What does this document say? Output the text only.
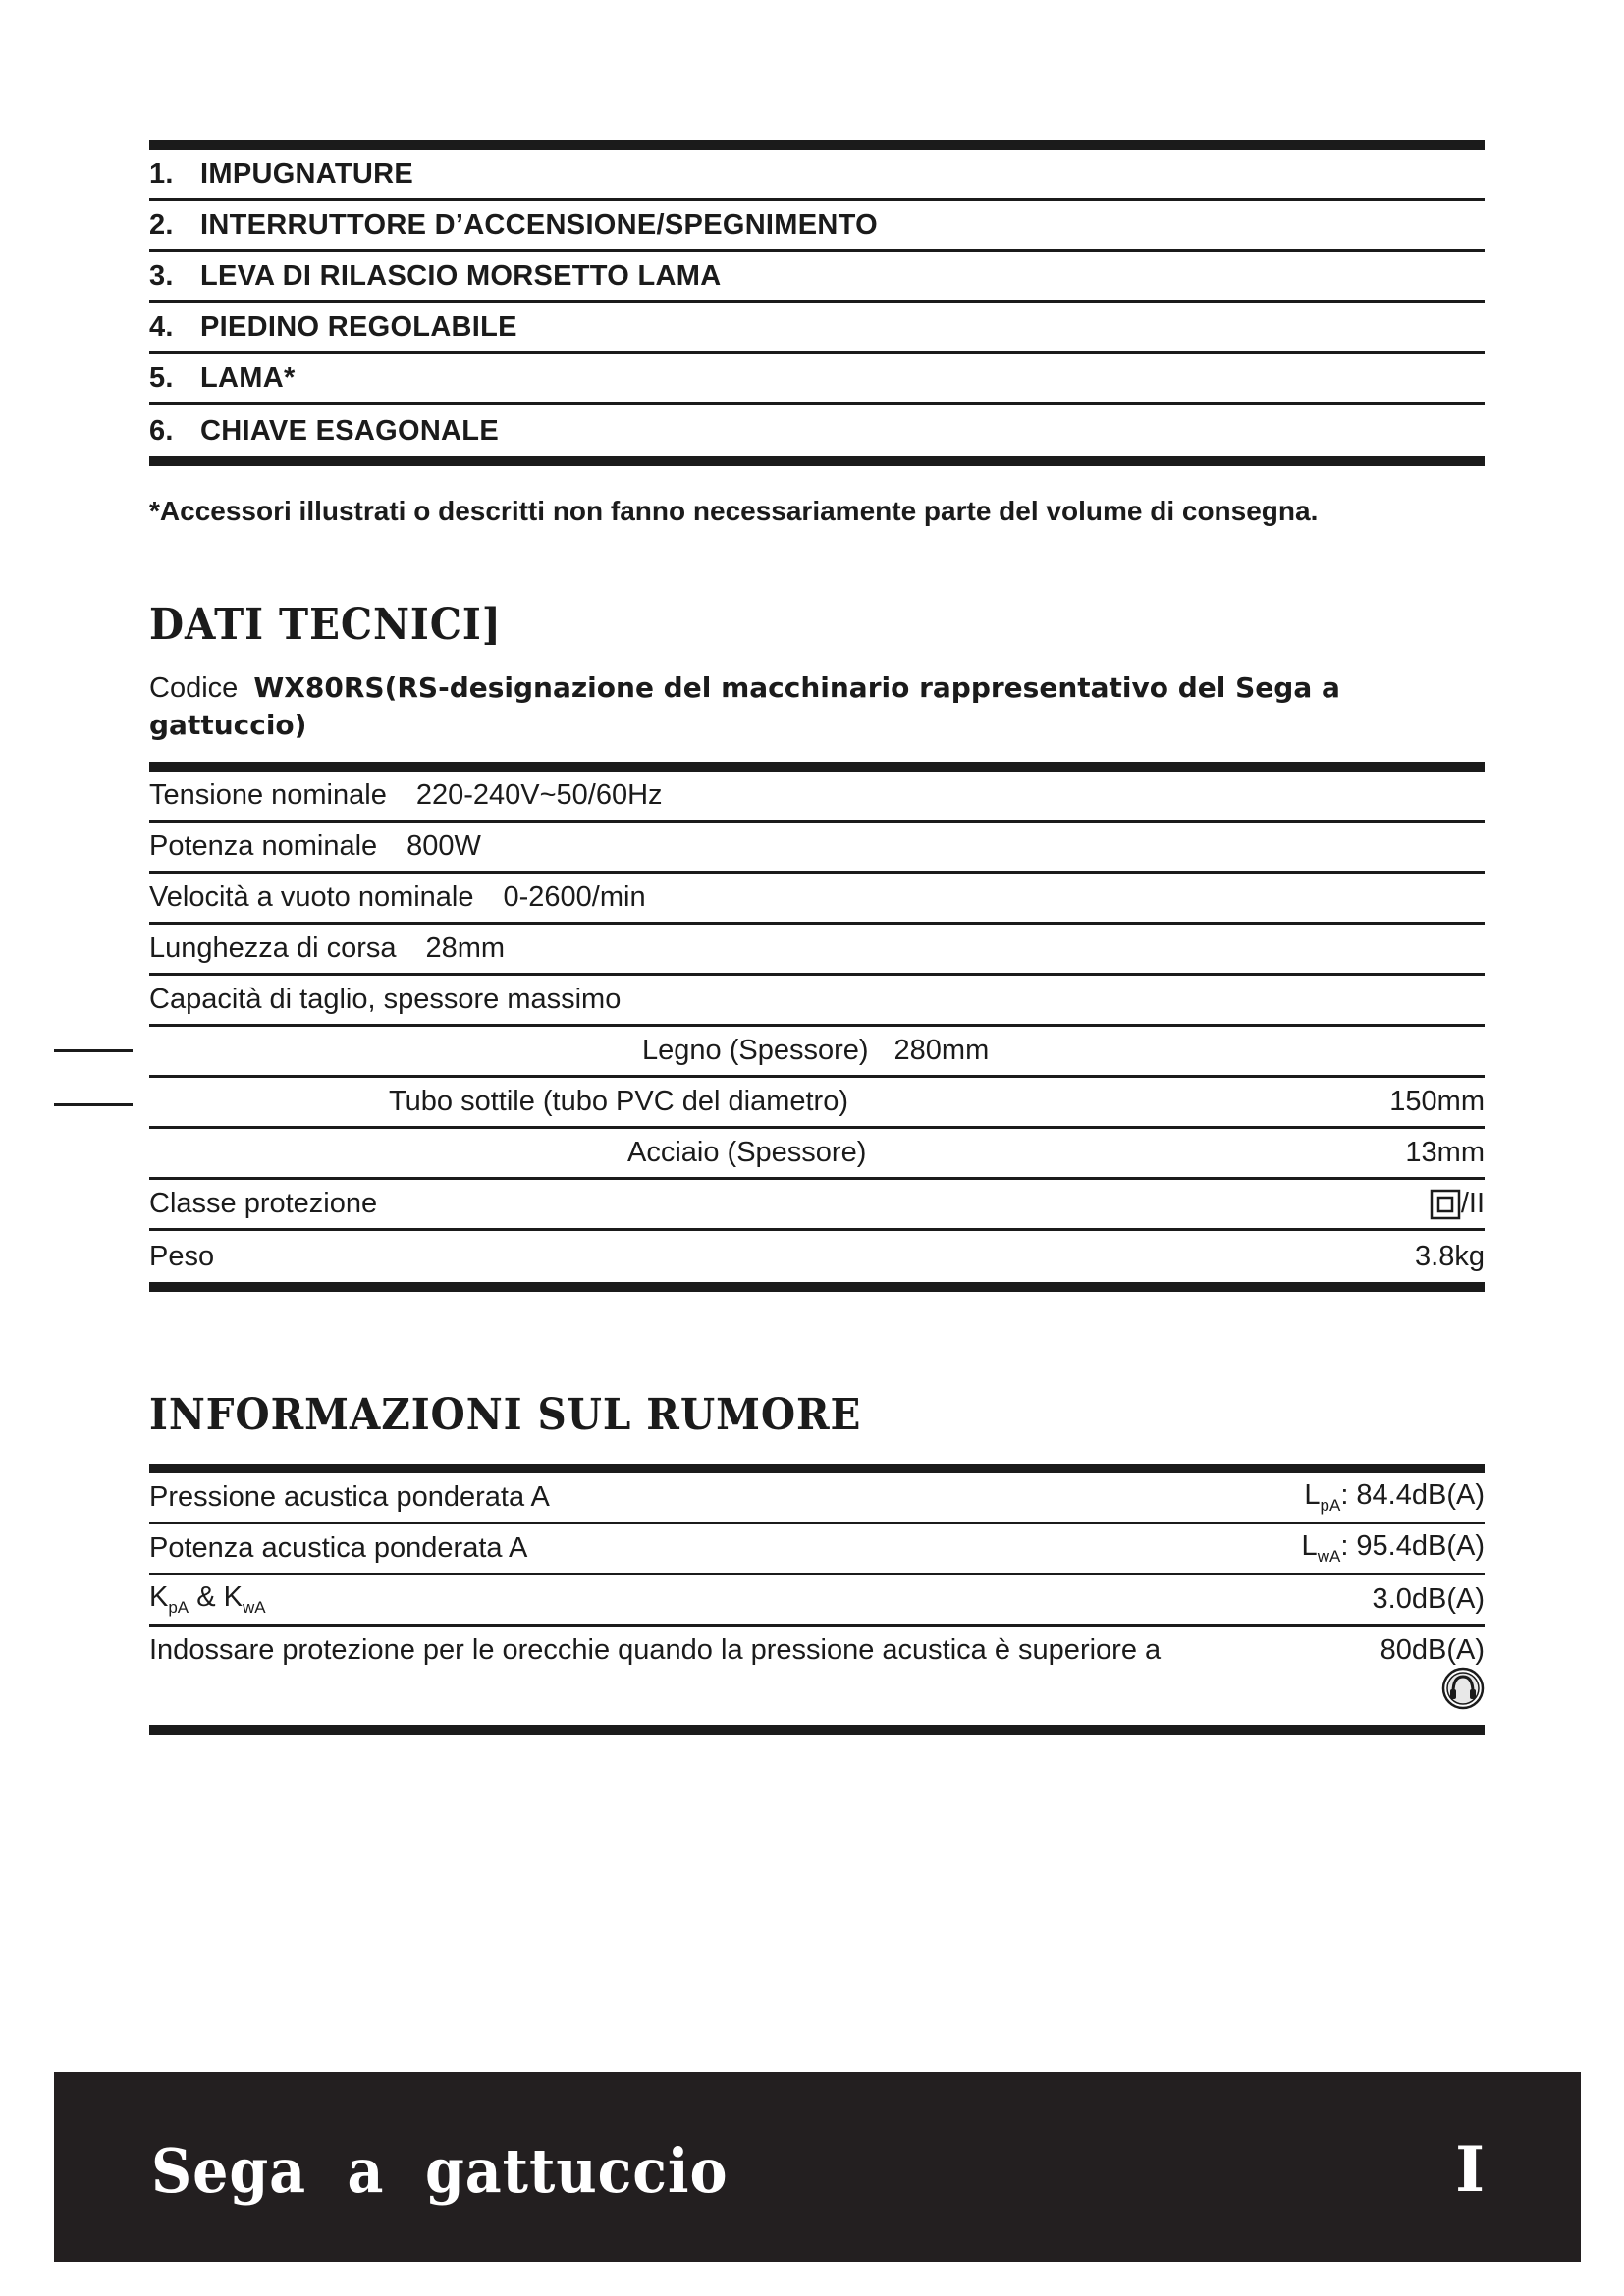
1. IMPUGNATURE
2. INTERRUTTORE D’ACCENSIONE/SPEGNIMENTO
3. LEVA DI RILASCIO MORSETTO LAMA
4. PIEDINO REGOLABILE
5. LAMA*
6. CHIAVE ESAGONALE
*Accessori illustrati o descritti non fanno necessariamente parte del volume di consegna.
DATI TECNICI]
Codice WX80RS(RS-designazione del macchinario rappresentativo del Sega a gattuccio)
Tensione nominale 220-240V~50/60Hz
Potenza nominale 800W
Velocità a vuoto nominale 0-2600/min
Lunghezza di corsa 28mm
Capacità di taglio, spessore massimo
Legno (Spessore) 280mm
Tubo sottile (tubo PVC del diametro)	150mm
Acciaio (Spessore)	13mm
Classe protezione	/II
Peso	3.8kg
INFORMAZIONI SUL RUMORE
Pressione acustica ponderata A	$L_{pA}$: 84.4dB(A)
Potenza acustica ponderata A	$L_{wA}$: 95.4dB(A)
$K_{pA}$ & $K_{wA}$	3.0dB(A)
Indossare protezione per le orecchie quando la pressione acustica è superiore a	80dB(A)
Sega  a  gattuccio	I
